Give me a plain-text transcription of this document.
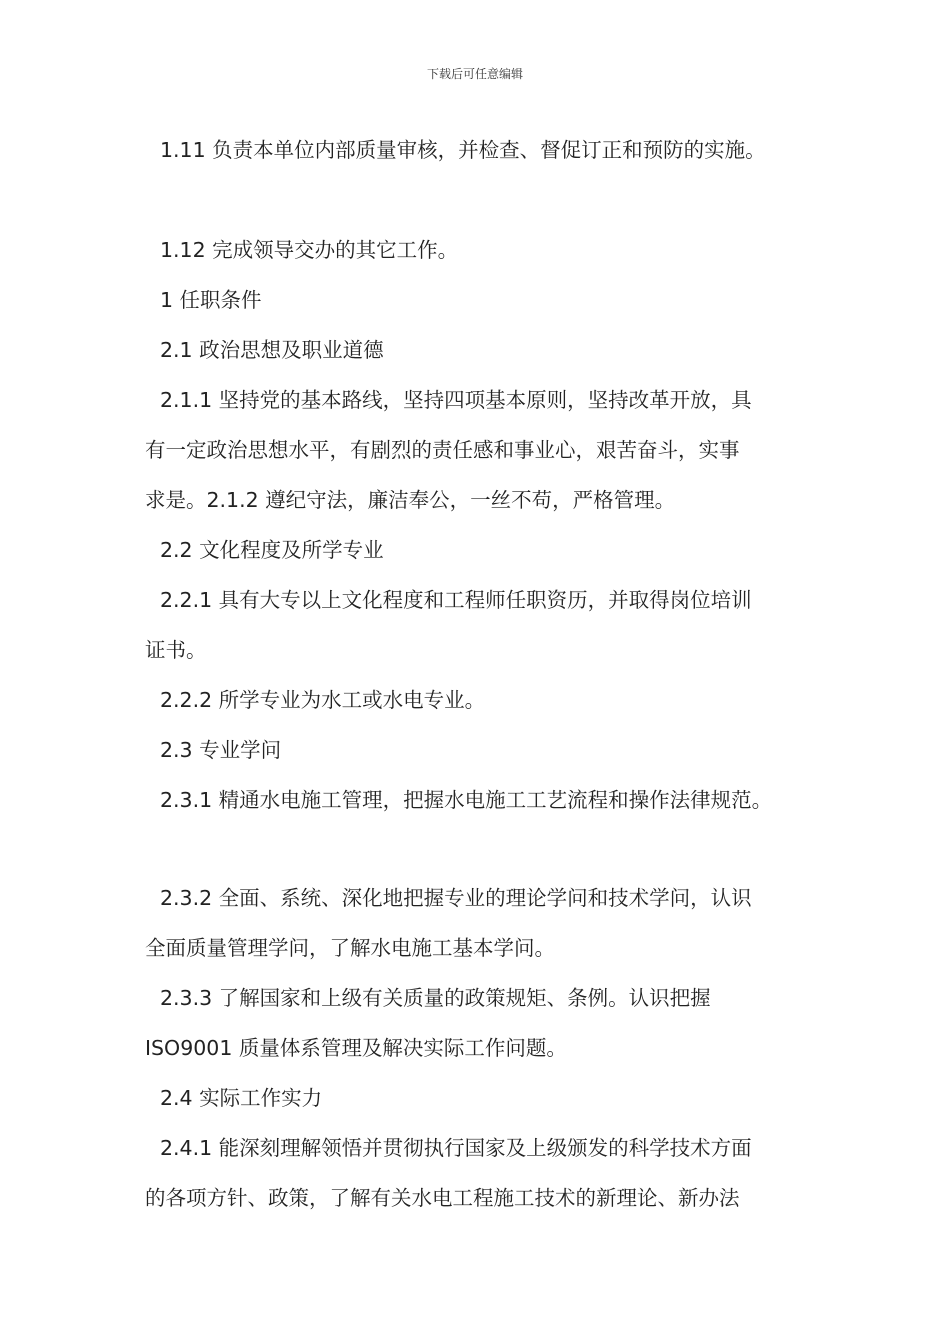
下载后可任意编辑
1.11 负责本单位内部质量审核，并检查、督促订正和预防的实施。
1.12 完成领导交办的其它工作。
1 任职条件
2.1 政治思想及职业道德
2.1.1 坚持党的基本路线，坚持四项基本原则，坚持改革开放，具
有一定政治思想水平，有剧烈的责任感和事业心，艰苦奋斗，实事
求是。2.1.2 遵纪守法，廉洁奉公，一丝不苟，严格管理。
2.2 文化程度及所学专业
2.2.1 具有大专以上文化程度和工程师任职资历，并取得岗位培训
证书。
2.2.2 所学专业为水工或水电专业。
2.3 专业学问
2.3.1 精通水电施工管理，把握水电施工工艺流程和操作法律规范。
2.3.2 全面、系统、深化地把握专业的理论学问和技术学问，认识
全面质量管理学问，了解水电施工基本学问。
2.3.3 了解国家和上级有关质量的政策规矩、条例。认识把握
ISO9001 质量体系管理及解决实际工作问题。
2.4 实际工作实力
2.4.1 能深刻理解领悟并贯彻执行国家及上级颁发的科学技术方面
的各项方针、政策，了解有关水电工程施工技术的新理论、新办法
